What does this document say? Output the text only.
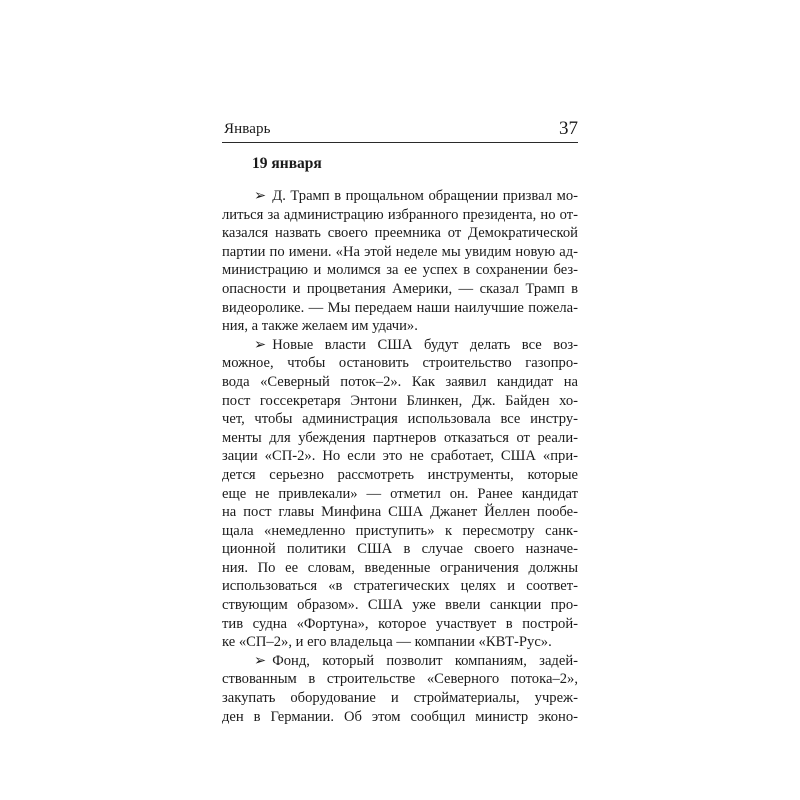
Январь	37
19 января
➢ Д. Трамп в прощальном обращении призвал мо-
литься за администрацию избранного президента, но от-
казался назвать своего преемника от Демократической
партии по имени. «На этой неделе мы увидим новую ад-
министрацию и молимся за ее успех в сохранении без-
опасности и процветания Америки, — сказал Трамп в
видеоролике. — Мы передаем наши наилучшие пожела-
ния, а также желаем им удачи».
➢ Новые власти США будут делать все воз-
можное, чтобы остановить строительство газопро-
вода «Северный поток–2». Как заявил кандидат на
пост госсекретаря Энтони Блинкен, Дж. Байден хо-
чет, чтобы администрация использовала все инстру-
менты для убеждения партнеров отказаться от реали-
зации «СП-2». Но если это не сработает, США «при-
дется серьезно рассмотреть инструменты, которые
еще не привлекали» — отметил он. Ранее кандидат
на пост главы Минфина США Джанет Йеллен пообе-
щала «немедленно приступить» к пересмотру санк-
ционной политики США в случае своего назначе-
ния. По ее словам, введенные ограничения должны
использоваться «в стратегических целях и соответ-
ствующим образом». США уже ввели санкции про-
тив судна «Фортуна», которое участвует в построй-
ке «СП–2», и его владельца — компании «КВТ-Рус».
➢ Фонд, который позволит компаниям, задей-
ствованным в строительстве «Северного потока–2»,
закупать оборудование и стройматериалы, учреж-
ден в Германии. Об этом сообщил министр эконо-
